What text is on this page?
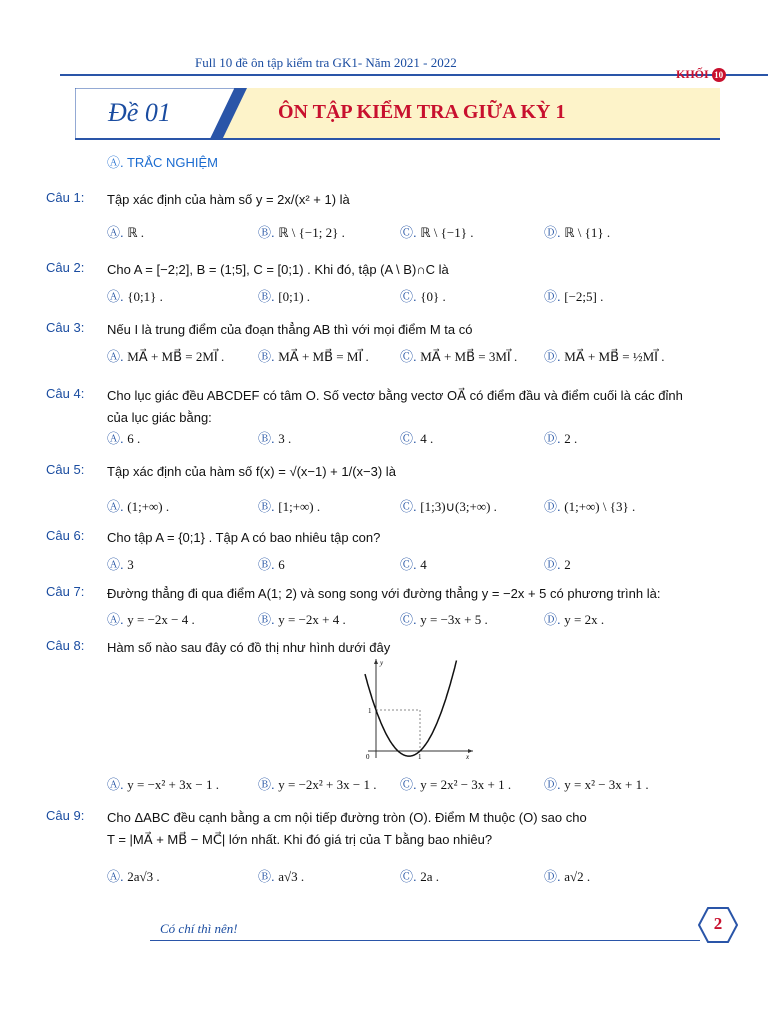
Full 10 đề ôn tập kiểm tra GK1- Năm 2021 - 2022
KHỐI 10
Đề 01	ÔN TẬP KIỂM TRA GIỮA KỲ 1
Ⓐ. TRẮC NGHIỆM
Câu 1: Tập xác định của hàm số y = 2x/(x² + 1) là
Ⓐ. ℝ .	Ⓑ. ℝ \ {−1; 2} .	Ⓒ. ℝ \ {−1} .	Ⓓ. ℝ \ {1} .
Câu 2: Cho A = [−2;2], B = (1;5], C = [0;1) . Khi đó, tập (A \ B)∩C là
Ⓐ. {0;1} .	Ⓑ. [0;1) .	Ⓒ. {0} .	Ⓓ. [−2;5] .
Câu 3: Nếu I là trung điểm của đoạn thẳng AB thì với mọi điểm M ta có
Ⓐ. MA⃗ + MB⃗ = 2MI⃗ .	Ⓑ. MA⃗ + MB⃗ = MI⃗ . Ⓒ. MA⃗ + MB⃗ = 3MI⃗ . Ⓓ. MA⃗ + MB⃗ = ½MI⃗ .
Câu 4: Cho lục giác đều ABCDEF có tâm O. Số vectơ bằng vectơ OA⃗ có điểm đầu và điểm cuối là các đỉnh
của lục giác bằng:
Ⓐ. 6 .	Ⓑ. 3 .	Ⓒ. 4 .	Ⓓ. 2 .
Câu 5: Tập xác định của hàm số f(x) = √(x−1) + 1/(x−3) là
Ⓐ. (1;+∞) .	Ⓑ. [1;+∞) .	Ⓒ. [1;3)∪(3;+∞) .	Ⓓ. (1;+∞) \ {3} .
Câu 6: Cho tập A = {0;1} . Tập A có bao nhiêu tập con?
Ⓐ. 3	Ⓑ. 6	Ⓒ. 4	Ⓓ. 2
Câu 7: Đường thẳng đi qua điểm A(1; 2) và song song với đường thẳng y = −2x + 5 có phương trình là:
Ⓐ. y = −2x − 4 .	Ⓑ. y = −2x + 4 .	Ⓒ. y = −3x + 5 .	Ⓓ. y = 2x .
Câu 8: Hàm số nào sau đây có đồ thị như hình dưới đây
Ⓐ. y = −x² + 3x − 1 .	Ⓑ. y = −2x² + 3x − 1 . Ⓒ. y = 2x² − 3x + 1 .	Ⓓ. y = x² − 3x + 1 .
Câu 9: Cho ΔABC đều cạnh bằng a cm nội tiếp đường tròn (O). Điểm M thuộc (O) sao cho
T = |MA⃗ + MB⃗ − MC⃗| lớn nhất. Khi đó giá trị của T bằng bao nhiêu?
Ⓐ. 2a√3 .	Ⓑ. a√3 .	Ⓒ. 2a .	Ⓓ. a√2 .
y
x
0
1
1
Có chí thì nên!	2
